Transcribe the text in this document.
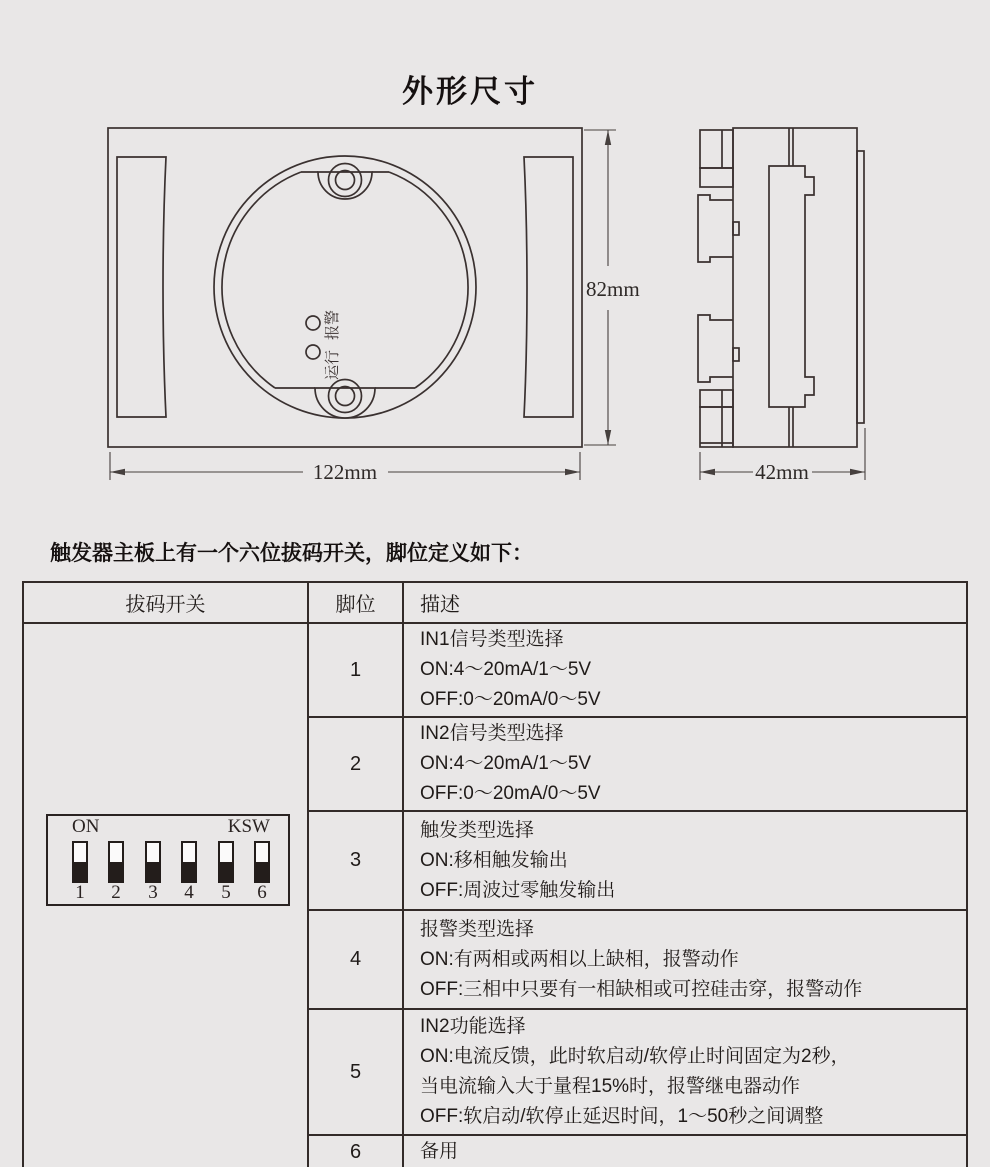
外形尺寸
报警
运行
82mm
122mm	42mm

触发器主板上有一个六位拔码开关，脚位定义如下：

拔码开关	脚位	描述

ON	KSW
1 2 3 4 5 6
	1	
IN1信号类型选择
ON:4～20mA/1～5V
OFF:0～20mA/0～5V

	2	IN2信号类型选择
ON:4～20mA/1～5V
OFF:0～20mA/0～5V

	3	触发类型选择
ON:移相触发输出
OFF:周波过零触发输出

	4	报警类型选择
ON:有两相或两相以上缺相，报警动作
OFF:三相中只要有一相缺相或可控硅击穿，报警动作

	5	IN2功能选择
ON:电流反馈，此时软启动/软停止时间固定为2秒，
当电流输入大于量程15%时，报警继电器动作
OFF:软启动/软停止延迟时间，1～50秒之间调整

	6	备用
